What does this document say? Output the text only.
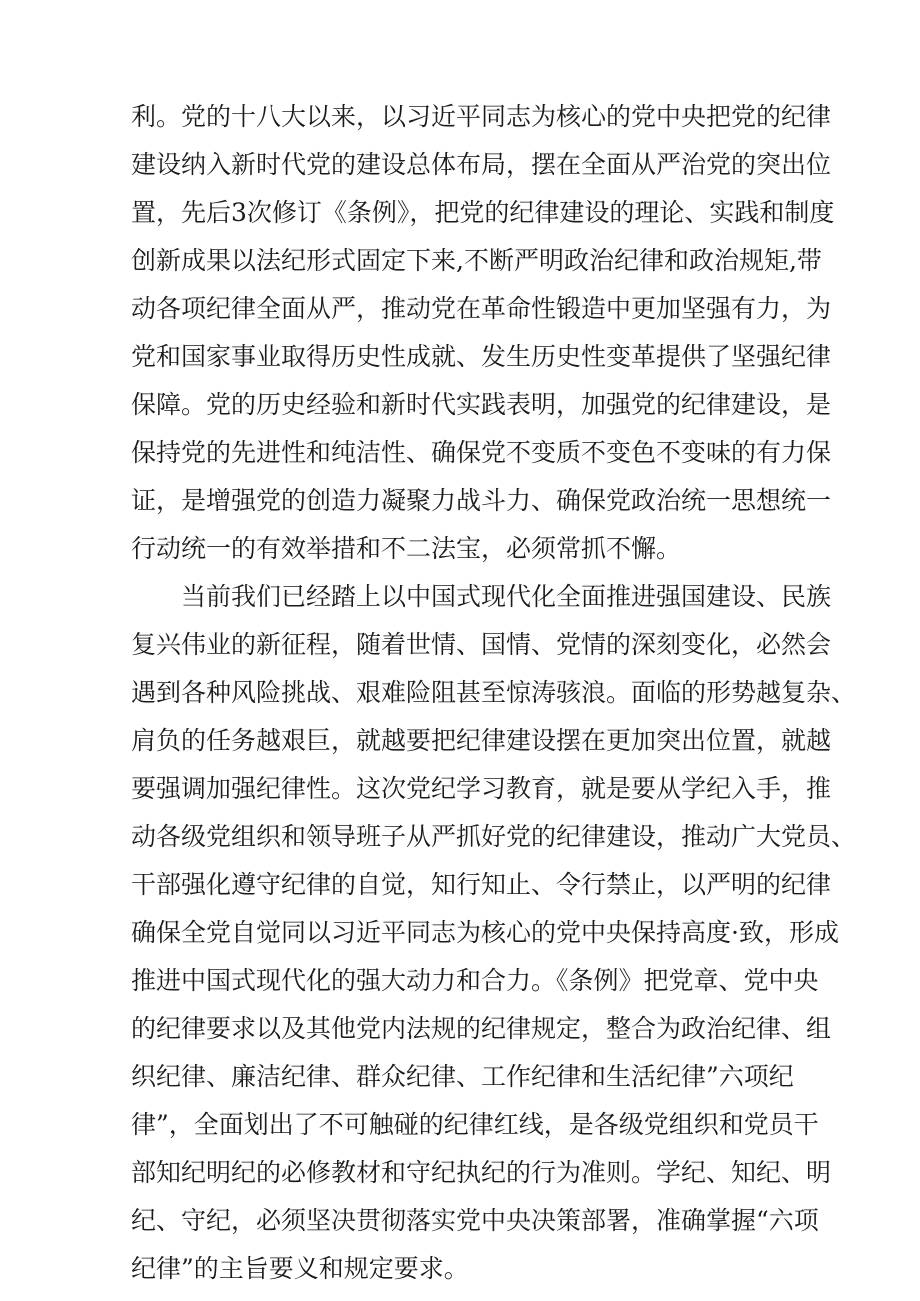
利。党的十八大以来，以习近平同志为核心的党中央把党的纪律
建设纳入新时代党的建设总体布局，摆在全面从严治党的突出位
置，先后3次修订《条例》，把党的纪律建设的理论、实践和制度
创新成果以法纪形式固定下来,不断严明政治纪律和政治规矩,带
动各项纪律全面从严，推动党在革命性锻造中更加坚强有力，为
党和国家事业取得历史性成就、发生历史性变革提供了坚强纪律
保障。党的历史经验和新时代实践表明，加强党的纪律建设，是
保持党的先进性和纯洁性、确保党不变质不变色不变味的有力保
证，是增强党的创造力凝聚力战斗力、确保党政治统一思想统一
行动统一的有效举措和不二法宝，必须常抓不懈。
当前我们已经踏上以中国式现代化全面推进强国建设、民族
复兴伟业的新征程，随着世情、国情、党情的深刻变化，必然会
遇到各种风险挑战、艰难险阻甚至惊涛骇浪。面临的形势越复杂、
肩负的任务越艰巨，就越要把纪律建设摆在更加突出位置，就越
要强调加强纪律性。这次党纪学习教育，就是要从学纪入手，推
动各级党组织和领导班子从严抓好党的纪律建设，推动广大党员、
干部强化遵守纪律的自觉，知行知止、令行禁止，以严明的纪律
确保全党自觉同以习近平同志为核心的党中央保持高度·致，形成
推进中国式现代化的强大动力和合力。《条例》把党章、党中央
的纪律要求以及其他党内法规的纪律规定，整合为政治纪律、组
织纪律、廉洁纪律、群众纪律、工作纪律和生活纪律”六项纪
律”，全面划出了不可触碰的纪律红线，是各级党组织和党员干
部知纪明纪的必修教材和守纪执纪的行为准则。学纪、知纪、明
纪、守纪，必须坚决贯彻落实党中央决策部署，准确掌握“六项
纪律”的主旨要义和规定要求。
